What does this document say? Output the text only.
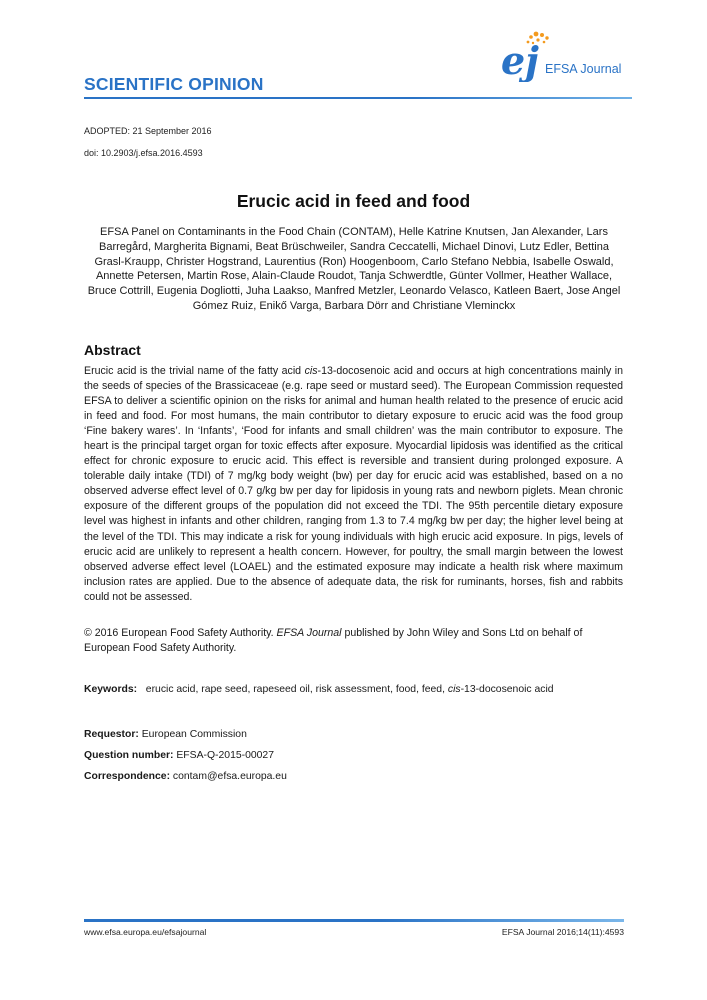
SCIENTIFIC OPINION
ej EFSA Journal
ADOPTED: 21 September 2016
doi: 10.2903/j.efsa.2016.4593
Erucic acid in feed and food
EFSA Panel on Contaminants in the Food Chain (CONTAM), Helle Katrine Knutsen, Jan Alexander, Lars Barregård, Margherita Bignami, Beat Brüschweiler, Sandra Ceccatelli, Michael Dinovi, Lutz Edler, Bettina Grasl-Kraupp, Christer Hogstrand, Laurentius (Ron) Hoogenboom, Carlo Stefano Nebbia, Isabelle Oswald, Annette Petersen, Martin Rose, Alain-Claude Roudot, Tanja Schwerdtle, Günter Vollmer, Heather Wallace, Bruce Cottrill, Eugenia Dogliotti, Juha Laakso, Manfred Metzler, Leonardo Velasco, Katleen Baert, Jose Angel Gómez Ruiz, Enikő Varga, Barbara Dörr and Christiane Vleminckx
Abstract

Erucic acid is the trivial name of the fatty acid cis-13-docosenoic acid and occurs at high concentrations mainly in the seeds of species of the Brassicaceae (e.g. rape seed or mustard seed). The European Commission requested EFSA to deliver a scientific opinion on the risks for animal and human health related to the presence of erucic acid in feed and food. For most humans, the main contributor to dietary exposure to erucic acid was the food group ‘Fine bakery wares’. In ‘Infants’, ‘Food for infants and small children’ was the main contributor to exposure. The heart is the principal target organ for toxic effects after exposure. Myocardial lipidosis was identified as the critical effect for chronic exposure to erucic acid. This effect is reversible and transient during prolonged exposure. A tolerable daily intake (TDI) of 7 mg/kg body weight (bw) per day for erucic acid was established, based on a no observed adverse effect level of 0.7 g/kg bw per day for lipidosis in young rats and newborn piglets. Mean chronic exposure of the different groups of the population did not exceed the TDI. The 95th percentile dietary exposure level was highest in infants and other children, ranging from 1.3 to 7.4 mg/kg bw per day; the higher level being at the level of the TDI. This may indicate a risk for young individuals with high erucic acid exposure. In pigs, levels of erucic acid are unlikely to represent a health concern. However, for poultry, the small margin between the lowest observed adverse effect level (LOAEL) and the estimated exposure may indicate a health risk where maximum inclusion rates are applied. Due to the absence of adequate data, the risk for ruminants, horses, fish and rabbits could not be assessed.

© 2016 European Food Safety Authority. EFSA Journal published by John Wiley and Sons Ltd on behalf of European Food Safety Authority.

Keywords: erucic acid, rape seed, rapeseed oil, risk assessment, food, feed, cis-13-docosenoic acid
Requestor: European Commission
Question number: EFSA-Q-2015-00027
Correspondence: contam@efsa.europa.eu
www.efsa.europa.eu/efsajournal	EFSA Journal 2016;14(11):4593
